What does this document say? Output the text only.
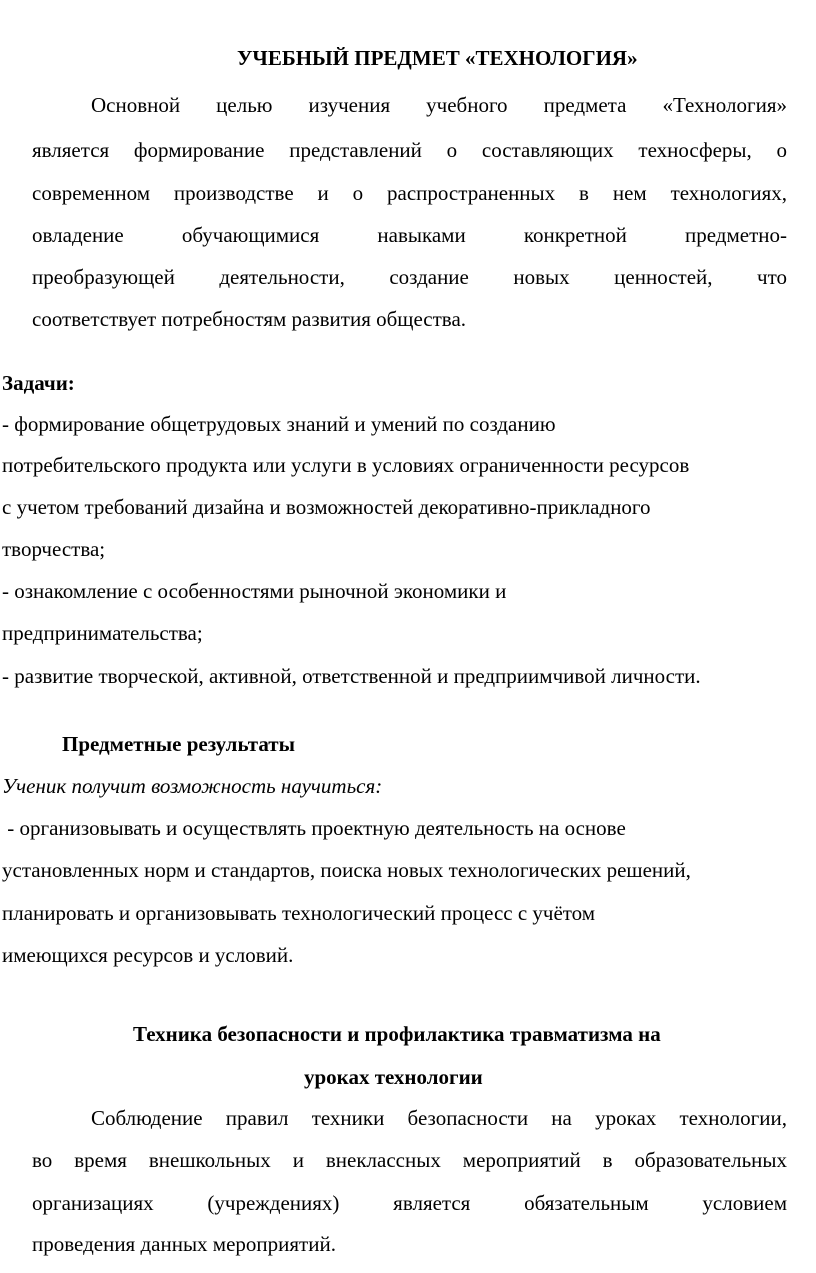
УЧЕБНЫЙ ПРЕДМЕТ «ТЕХНОЛОГИЯ»
Основной целью изучения учебного предмета «Технология»
является формирование представлений о составляющих техносферы, о
современном производстве и о распространенных в нем технологиях,
овладение обучающимися навыками конкретной предметно-
преобразующей деятельности, создание новых ценностей, что
соответствует потребностям развития общества.
Задачи:
- формирование общетрудовых знаний и умений по созданию
потребительского продукта или услуги в условиях ограниченности ресурсов
с учетом требований дизайна и возможностей декоративно-прикладного
творчества;
- ознакомление с особенностями рыночной экономики и
предпринимательства;
- развитие творческой, активной, ответственной и предприимчивой личности.
Предметные результаты
Ученик получит возможность научиться:
- организовывать и осуществлять проектную деятельность на основе
установленных норм и стандартов, поиска новых технологических решений,
планировать и организовывать технологический процесс с учётом
имеющихся ресурсов и условий.
Техника безопасности и профилактика травматизма на
уроках технологии
Соблюдение правил техники безопасности на уроках технологии,
во время внешкольных и внеклассных мероприятий в образовательных
организациях (учреждениях) является обязательным условием
проведения данных мероприятий.
